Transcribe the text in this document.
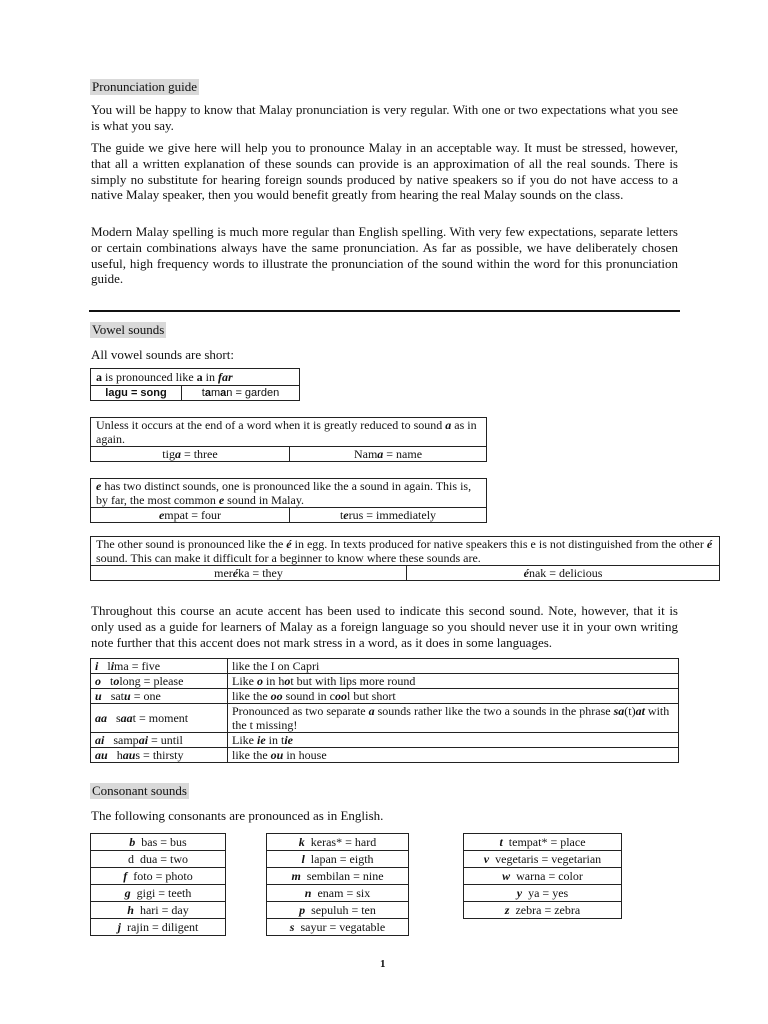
Pronunciation guide

You will be happy to know that Malay pronunciation is very regular. With one or two expectations what you see is what you say.

The guide we give here will help you to pronounce Malay in an acceptable way. It must be stressed, however, that all a written explanation of these sounds can provide is an approximation of all the real sounds. There is simply no substitute for hearing foreign sounds produced by native speakers so if you do not have access to a native Malay speaker, then you would benefit greatly from hearing the real Malay sounds on the class.

Modern Malay spelling is much more regular than English spelling. With very few expectations, separate letters or certain combinations always have the same pronunciation. As far as possible, we have deliberately chosen useful, high frequency words to illustrate the pronunciation of the sound within the word for this pronunciation guide.

Vowel sounds
All vowel sounds are short:
a is pronounced like a in far
lagu = song	taman = garden
Unless it occurs at the end of a word when it is greatly reduced to sound a as in again.
tiga = three	Nama = name
e has two distinct sounds, one is pronounced like the a sound in again. This is, by far, the most common e sound in Malay.
empat = four	terus = immediately
The other sound is pronounced like the é in egg. In texts produced for native speakers this e is not distinguished from the other é sound. This can make it difficult for a beginner to know where these sounds are.
meréka = they	énak = delicious

Throughout this course an acute accent has been used to indicate this second sound. Note, however, that it is only used as a guide for learners of Malay as a foreign language so you should never use it in your own writing note further that this accent does not mark stress in a word, as it does in some languages.

i lima = five	like the I on Capri
o tolong = please	Like o in hot but with lips more round
u satu = one	like the oo sound in cool but short
aa saat = moment	Pronounced as two separate a sounds rather like the two a sounds in the phrase sa(t)at with the t missing!
ai sampai = until	Like ie in tie
au haus = thirsty	like the ou in house
Consonant sounds
The following consonants are pronounced as in English.
b bas = bus
d dua = two
f foto = photo
g gigi = teeth
h hari = day
j rajin = diligent
k keras* = hard
l lapan = eigth
m sembilan = nine
n enam = six
p sepuluh = ten
s sayur = vegatable
t tempat* = place
v vegetaris = vegetarian
w warna = color
y ya = yes
z zebra = zebra
1
